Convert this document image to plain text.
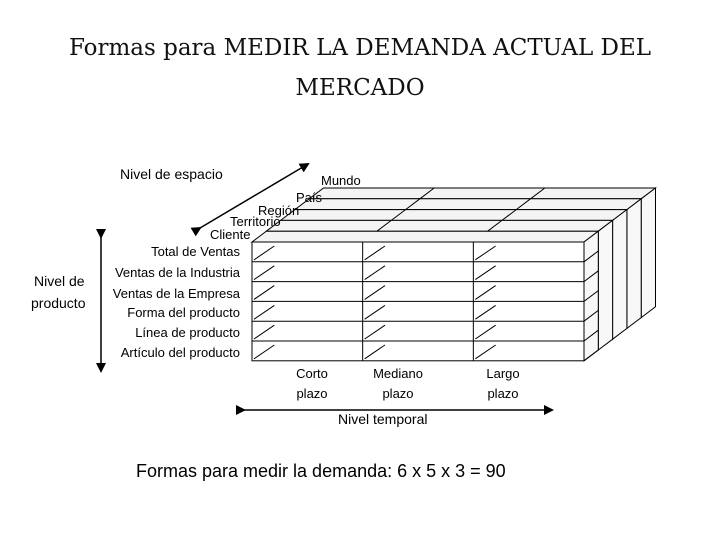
Formas para MEDIR LA DEMANDA ACTUAL DEL
MERCADO
Nivel de espacio	Mundo
País
Región
Territorio
Cliente
Nivel de
producto
Total de Ventas
Ventas de la Industria
Ventas de la Empresa
Forma del producto
Línea de producto
Artículo del producto
Corto
plazo
Mediano
plazo
Largo
plazo
Nivel temporal
Formas para medir la demanda: 6 x 5 x 3 = 90
